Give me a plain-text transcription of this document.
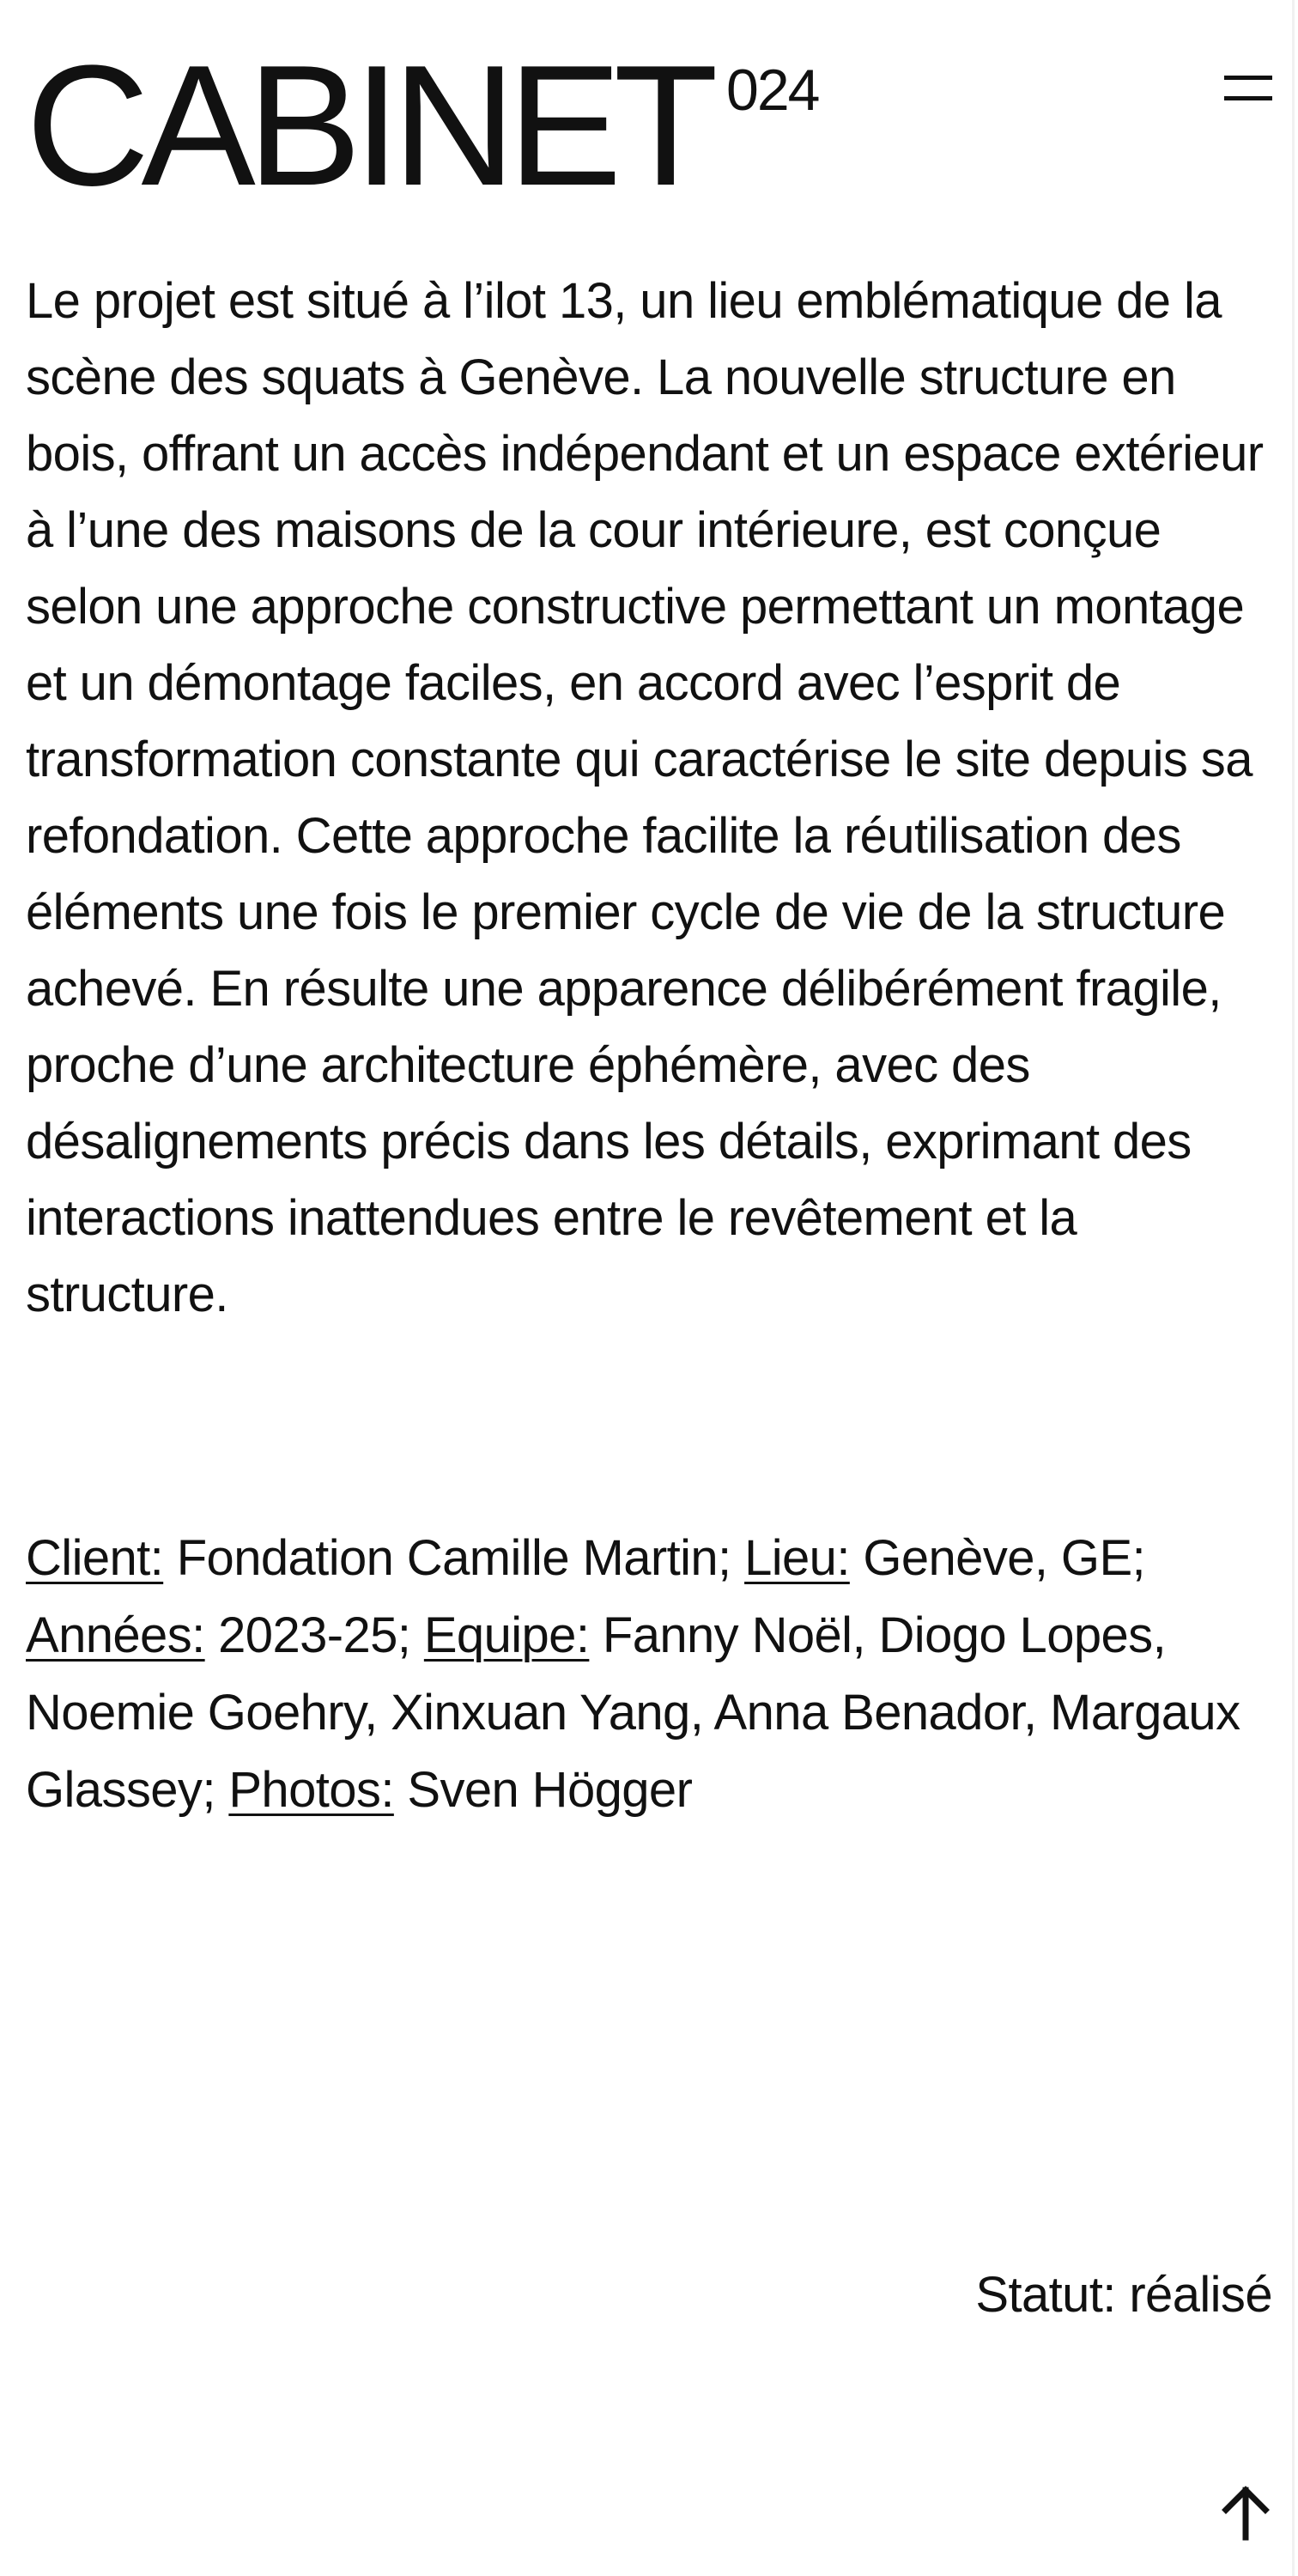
CABINET 024

Le projet est situé à l’ilot 13, un lieu emblématique de la scène des squats à Genève. La nouvelle structure en bois, offrant un accès indépendant et un espace extérieur à l’une des maisons de la cour intérieure, est conçue selon une approche constructive permettant un montage et un démontage faciles, en accord avec l’esprit de transformation constante qui caractérise le site depuis sa refondation. Cette approche facilite la réutilisation des éléments une fois le premier cycle de vie de la structure achevé. En résulte une apparence délibérément fragile, proche d’une architecture éphémère, avec des désalignements précis dans les détails, exprimant des interactions inattendues entre le revêtement et la structure.

Client: Fondation Camille Martin; Lieu: Genève, GE; Années: 2023-25; Equipe: Fanny Noël, Diogo Lopes, Noemie Goehry, Xinxuan Yang, Anna Benador, Margaux Glassey; Photos: Sven Högger

Statut: réalisé
